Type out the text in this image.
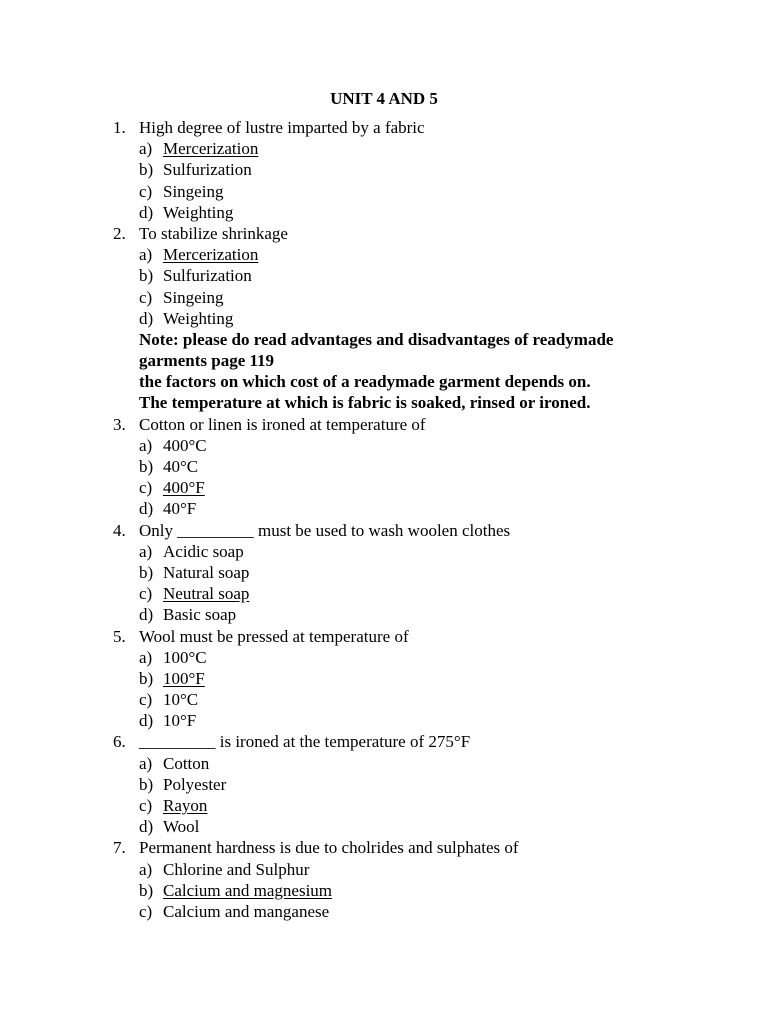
UNIT 4 AND 5
1. High degree of lustre imparted by a fabric
a) Mercerization
b) Sulfurization
c) Singeing
d) Weighting
2. To stabilize shrinkage
a) Mercerization
b) Sulfurization
c) Singeing
d) Weighting
Note: please do read advantages and disadvantages of readymade
garments page 119
the factors on which cost of a readymade garment depends on.
The temperature at which is fabric is soaked, rinsed or ironed.
3. Cotton or linen is ironed at temperature of
a) 400°C
b) 40°C
c) 400°F
d) 40°F
4. Only _________ must be used to wash woolen clothes
a) Acidic soap
b) Natural soap
c) Neutral soap
d) Basic soap
5. Wool must be pressed at temperature of
a) 100°C
b) 100°F
c) 10°C
d) 10°F
6. _________ is ironed at the temperature of 275°F
a) Cotton
b) Polyester
c) Rayon
d) Wool
7. Permanent hardness is due to cholrides and sulphates of
a) Chlorine and Sulphur
b) Calcium and magnesium
c) Calcium and manganese
